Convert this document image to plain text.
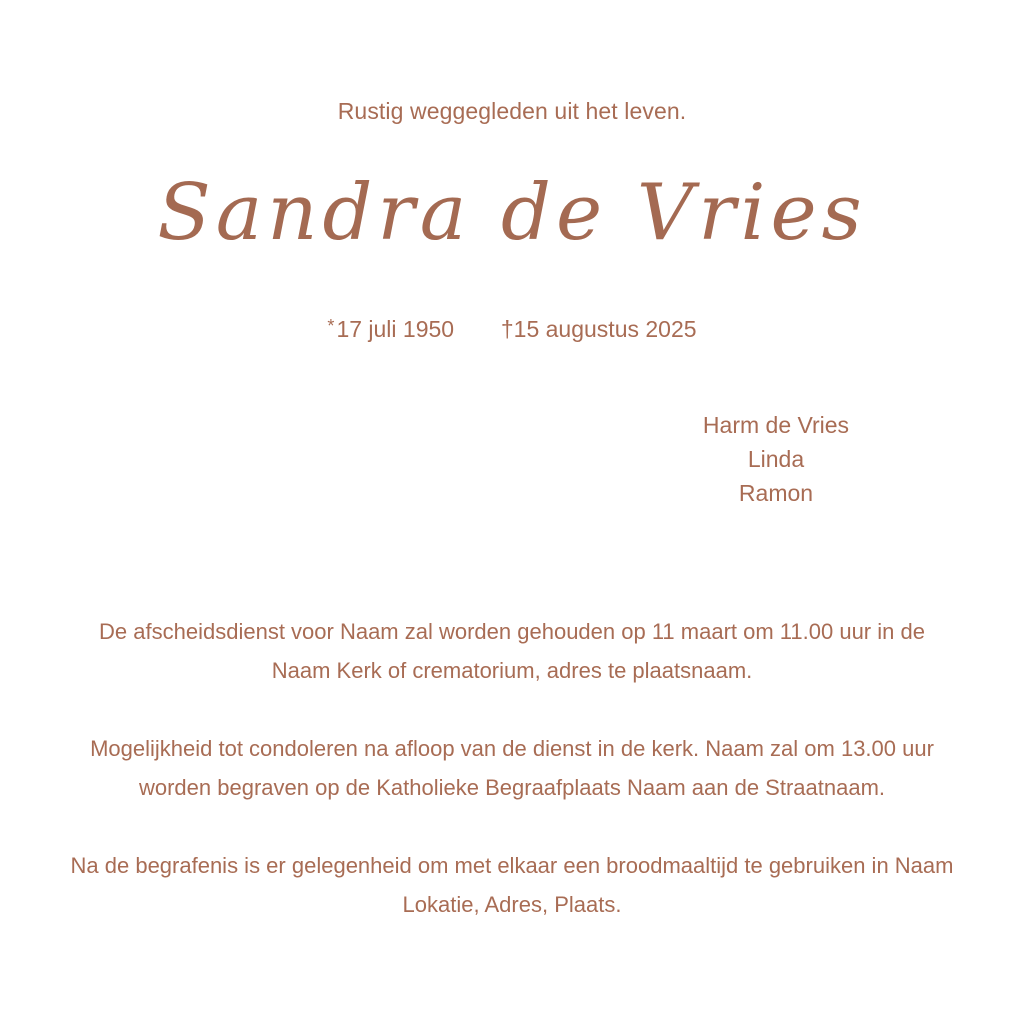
Rustig weggegleden uit het leven.
Sandra de Vries
*17 juli 1950 †15 augustus 2025
Harm de Vries
Linda
Ramon

De afscheidsdienst voor Naam zal worden gehouden op 11 maart om 11.00 uur in de Naam Kerk of crematorium, adres te plaatsnaam.

Mogelijkheid tot condoleren na afloop van de dienst in de kerk. Naam zal om 13.00 uur worden begraven op de Katholieke Begraafplaats Naam aan de Straatnaam.

Na de begrafenis is er gelegenheid om met elkaar een broodmaaltijd te gebruiken in Naam Lokatie, Adres, Plaats.
